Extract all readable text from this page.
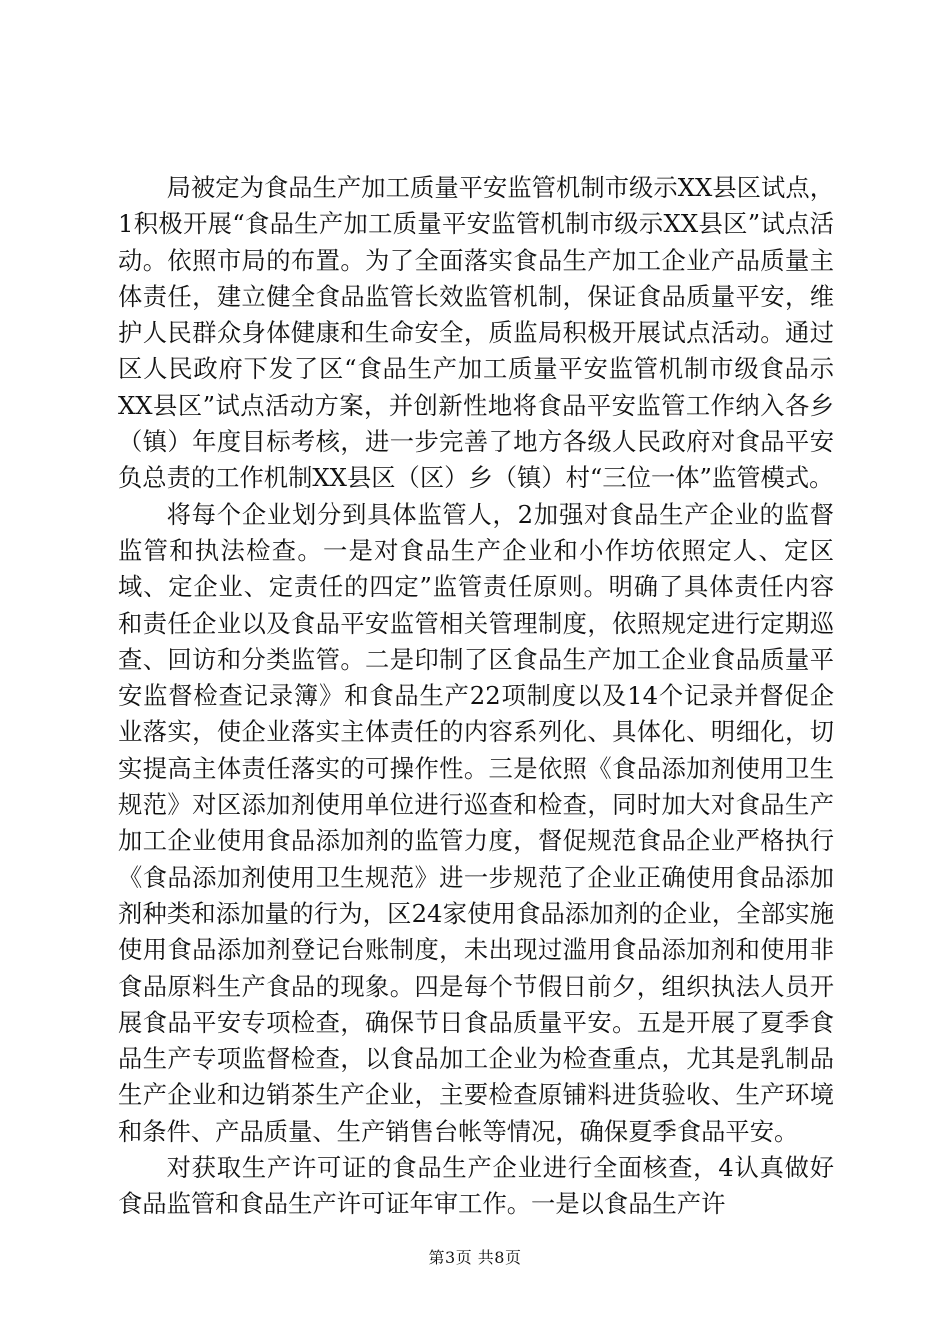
局被定为食品生产加工质量平安监管机制市级示XX县区试点，1积极开展“食品生产加工质量平安监管机制市级示XX县区”试点活动。依照市局的布置。为了全面落实食品生产加工企业产品质量主体责任，建立健全食品监管长效监管机制，保证食品质量平安，维护人民群众身体健康和生命安全，质监局积极开展试点活动。通过区人民政府下发了区“食品生产加工质量平安监管机制市级食品示XX县区”试点活动方案，并创新性地将食品平安监管工作纳入各乡（镇）年度目标考核，进一步完善了地方各级人民政府对食品平安负总责的工作机制XX县区（区）乡（镇）村“三位一体”监管模式。

将每个企业划分到具体监管人，2加强对食品生产企业的监督监管和执法检查。一是对食品生产企业和小作坊依照定人、定区域、定企业、定责任的四定”监管责任原则。明确了具体责任内容和责任企业以及食品平安监管相关管理制度，依照规定进行定期巡查、回访和分类监管。二是印制了区食品生产加工企业食品质量平安监督检查记录簿》和食品生产22项制度以及14个记录并督促企业落实，使企业落实主体责任的内容系列化、具体化、明细化，切实提高主体责任落实的可操作性。三是依照《食品添加剂使用卫生规范》对区添加剂使用单位进行巡查和检查，同时加大对食品生产加工企业使用食品添加剂的监管力度，督促规范食品企业严格执行《食品添加剂使用卫生规范》进一步规范了企业正确使用食品添加剂种类和添加量的行为，区24家使用食品添加剂的企业，全部实施使用食品添加剂登记台账制度，未出现过滥用食品添加剂和使用非食品原料生产食品的现象。四是每个节假日前夕，组织执法人员开展食品平安专项检查，确保节日食品质量平安。五是开展了夏季食品生产专项监督检查，以食品加工企业为检查重点，尤其是乳制品生产企业和边销茶生产企业，主要检查原铺料进货验收、生产环境和条件、产品质量、生产销售台帐等情况，确保夏季食品平安。

对获取生产许可证的食品生产企业进行全面核查，4认真做好食品监管和食品生产许可证年审工作。一是以食品生产许

第3页 共8页
